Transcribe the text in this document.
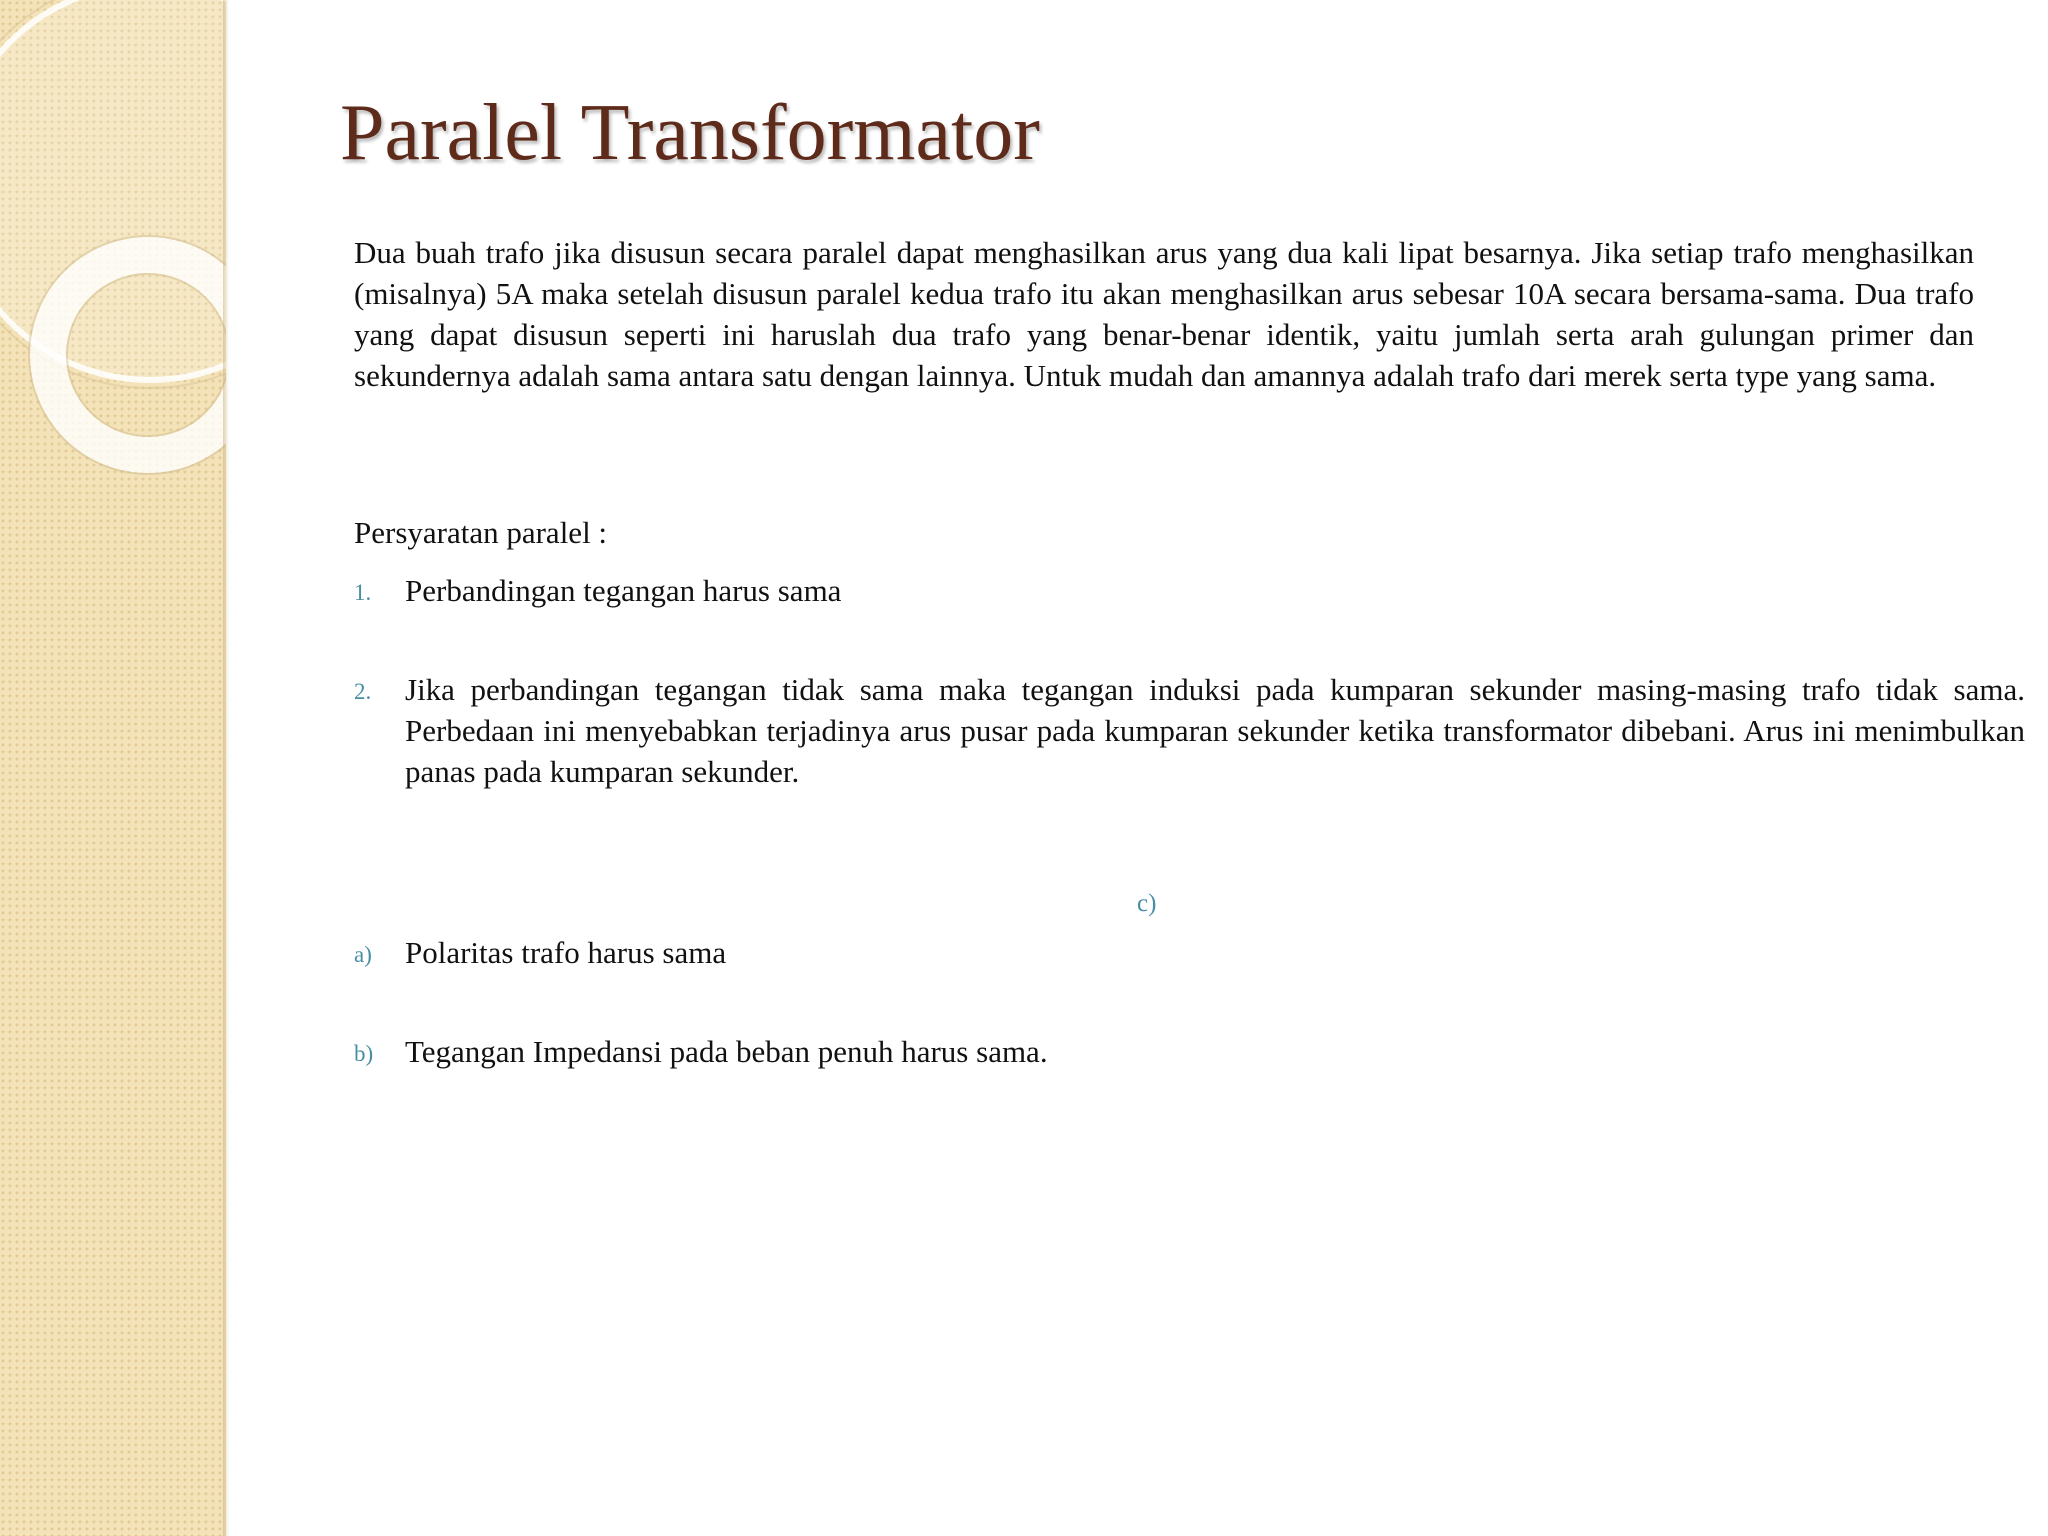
Paralel Transformator

Dua buah trafo jika disusun secara paralel dapat menghasilkan arus yang dua kali lipat besarnya. Jika setiap trafo menghasilkan (misalnya) 5A maka setelah disusun paralel kedua trafo itu akan menghasilkan arus sebesar 10A secara bersama-sama. Dua trafo yang dapat disusun seperti ini haruslah dua trafo yang benar-benar identik, yaitu jumlah serta arah gulungan primer dan sekundernya adalah sama antara satu dengan lainnya. Untuk mudah dan amannya adalah trafo dari merek serta type yang sama.

Persyaratan paralel :

1. Perbandingan tegangan harus sama
2. Jika perbandingan tegangan tidak sama maka tegangan induksi pada kumparan sekunder masing-masing trafo tidak sama. Perbedaan ini menyebabkan terjadinya arus pusar pada kumparan sekunder ketika transformator dibebani. Arus ini menimbulkan panas pada kumparan sekunder.
a) Polaritas trafo harus sama
b) Tegangan Impedansi pada beban penuh harus sama.
c)
